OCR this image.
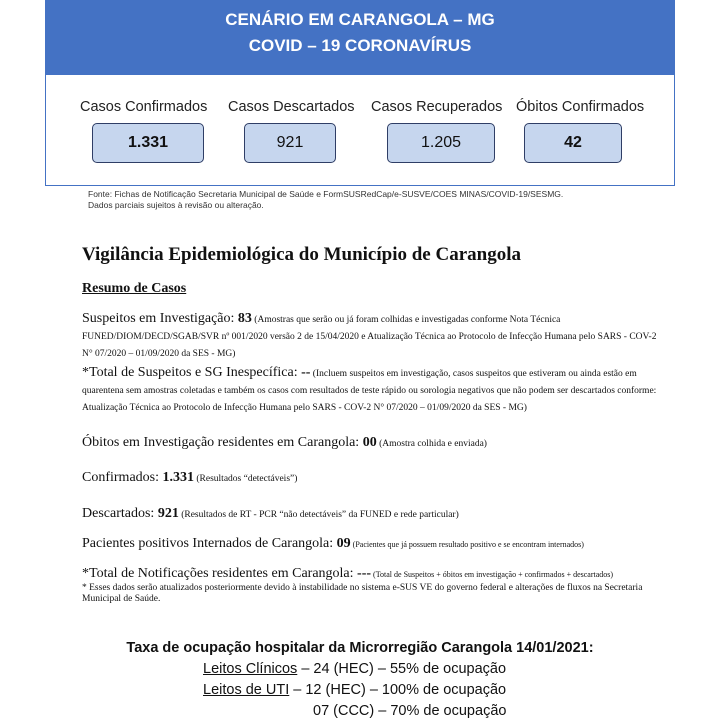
CENÁRIO EM CARANGOLA – MG
COVID – 19 CORONAVÍRUS
Casos Confirmados
1.331
Casos Descartados
921
Casos Recuperados
1.205
Óbitos Confirmados
42
Fonte: Fichas de Notificação Secretaria Municipal de Saúde e FormSUSRedCap/e-SUSVE/COES MINAS/COVID-19/SESMG.
Dados parciais sujeitos à revisão ou alteração.
Vigilância Epidemiológica do Município de Carangola
Resumo de Casos
Suspeitos em Investigação: 83 (Amostras que serão ou já foram colhidas e investigadas conforme Nota Técnica FUNED/DIOM/DECD/SGAB/SVR nº 001/2020 versão 2 de 15/04/2020 e Atualização Técnica ao Protocolo de Infecção Humana pelo SARS - COV-2 N° 07/2020 – 01/09/2020 da SES - MG)
*Total de Suspeitos e SG Inespecífica: -- (Incluem suspeitos em investigação, casos suspeitos que estiveram ou ainda estão em quarentena sem amostras coletadas e também os casos com resultados de teste rápido ou sorologia negativos que não podem ser descartados conforme: Atualização Técnica ao Protocolo de Infecção Humana pelo SARS - COV-2 N° 07/2020 – 01/09/2020 da SES - MG)
Óbitos em Investigação residentes em Carangola: 00 (Amostra colhida e enviada)
Confirmados: 1.331 (Resultados “detectáveis”)
Descartados: 921 (Resultados de RT - PCR “não detectáveis” da FUNED e rede particular)
Pacientes positivos Internados de Carangola: 09 (Pacientes que já possuem resultado positivo e se encontram internados)
*Total de Notificações residentes em Carangola: --- (Total de Suspeitos + óbitos em investigação + confirmados + descartados)
* Esses dados serão atualizados posteriormente devido à instabilidade no sistema e-SUS VE do governo federal e alterações de fluxos na Secretaria Municipal de Saúde.
Taxa de ocupação hospitalar da Microrregião Carangola 14/01/2021:
Leitos Clínicos – 24 (HEC) – 55% de ocupação
Leitos de UTI – 12 (HEC) – 100% de ocupação
07 (CCC) – 70% de ocupação
